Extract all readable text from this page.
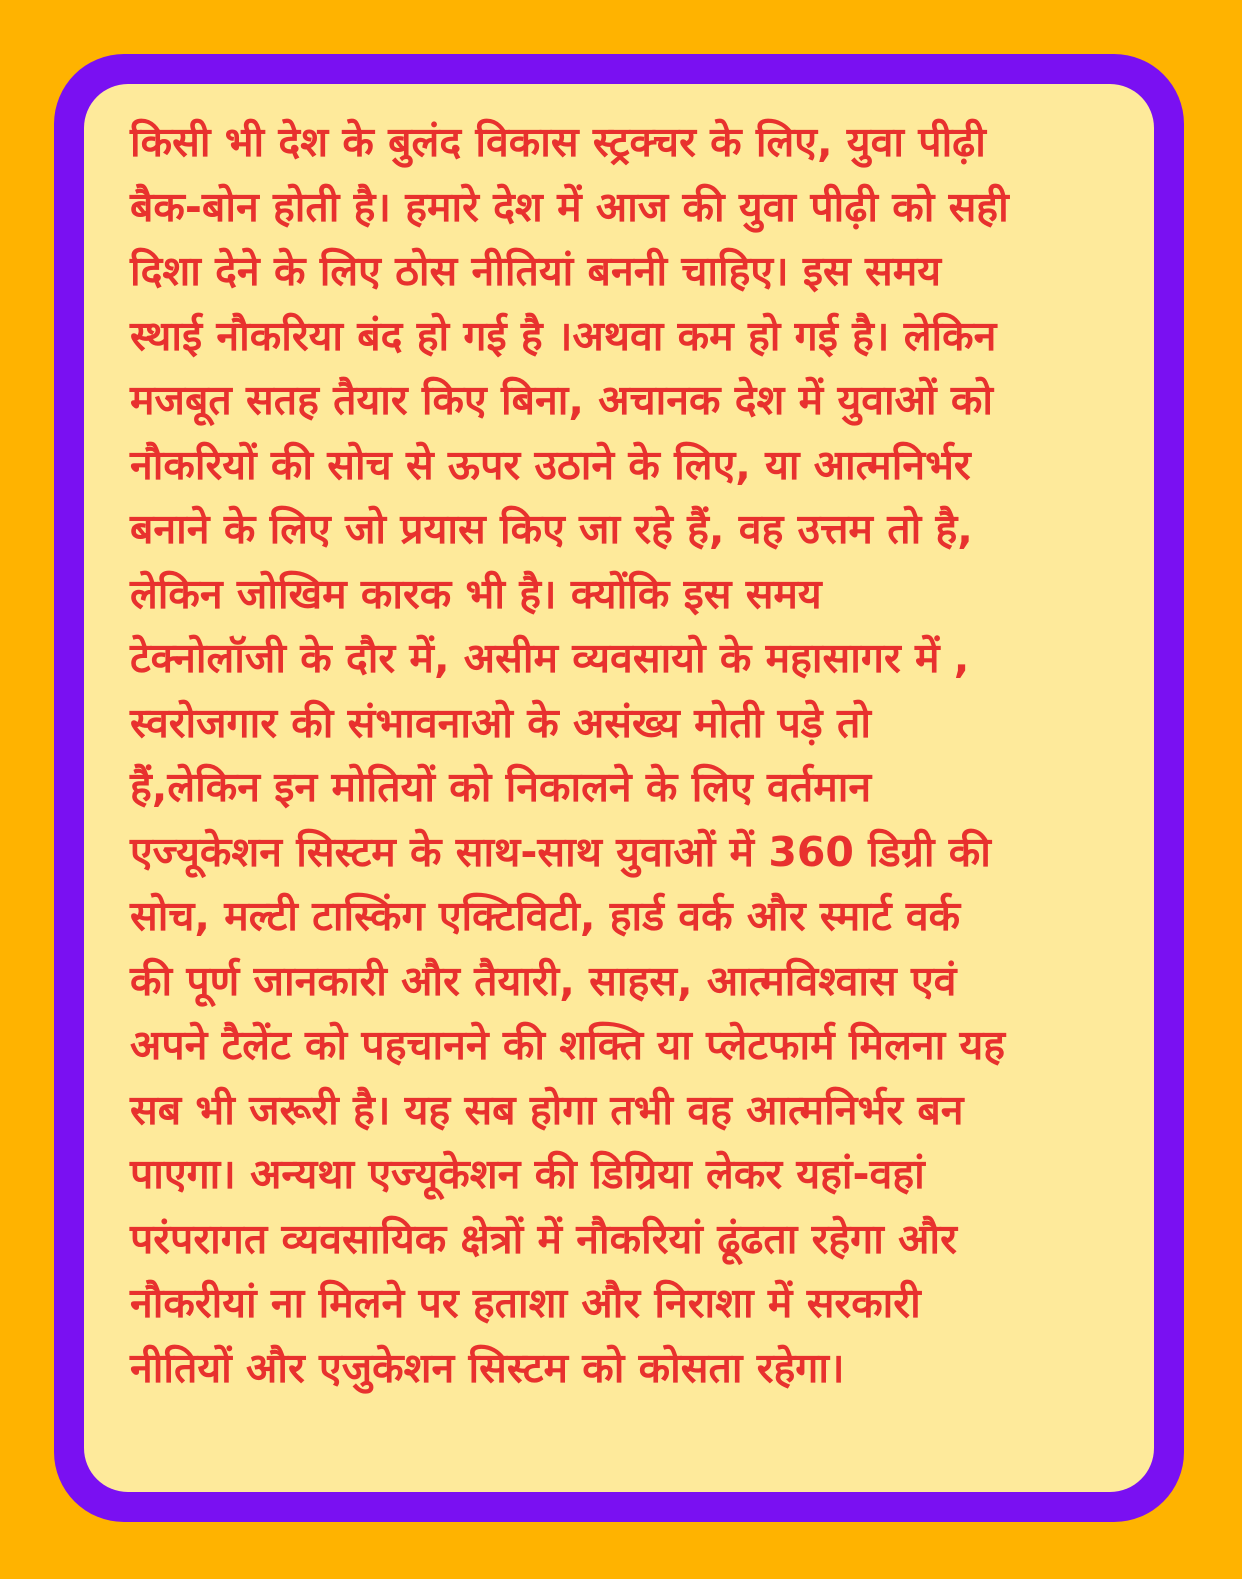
किसी भी देश के बुलंद विकास स्ट्रक्चर के लिए, युवा पीढ़ी
बैक-बोन होती है। हमारे देश में आज की युवा पीढ़ी को सही
दिशा देने के लिए ठोस नीतियां बननी चाहिए। इस समय
स्थाई नौकरिया बंद हो गई है ।अथवा कम हो गई है। लेकिन
मजबूत सतह तैयार किए बिना, अचानक देश में युवाओं को
नौकरियों की सोच से ऊपर उठाने के लिए, या आत्मनिर्भर
बनाने के लिए जो प्रयास किए जा रहे हैं, वह उत्तम तो है,
लेकिन जोखिम कारक भी है। क्योंकि इस समय
टेक्नोलॉजी के दौर में, असीम व्यवसायो के महासागर में ,
स्वरोजगार की संभावनाओ के असंख्य मोती पड़े तो
हैं,लेकिन इन मोतियों को निकालने के लिए वर्तमान
एज्यूकेशन सिस्टम के साथ-साथ युवाओं में 360 डिग्री की
सोच, मल्टी टास्किंग एक्टिविटी, हार्ड वर्क और स्मार्ट वर्क
की पूर्ण जानकारी और तैयारी, साहस, आत्मविश्वास एवं
अपने टैलेंट को पहचानने की शक्ति या प्लेटफार्म मिलना यह
सब भी जरूरी है। यह सब होगा तभी वह आत्मनिर्भर बन
पाएगा। अन्यथा एज्यूकेशन की डिग्रिया लेकर यहां-वहां
परंपरागत व्यवसायिक क्षेत्रों में नौकरियां ढूंढता रहेगा और
नौकरीयां ना मिलने पर हताशा और निराशा में सरकारी
नीतियों और एजुकेशन सिस्टम को कोसता रहेगा।
